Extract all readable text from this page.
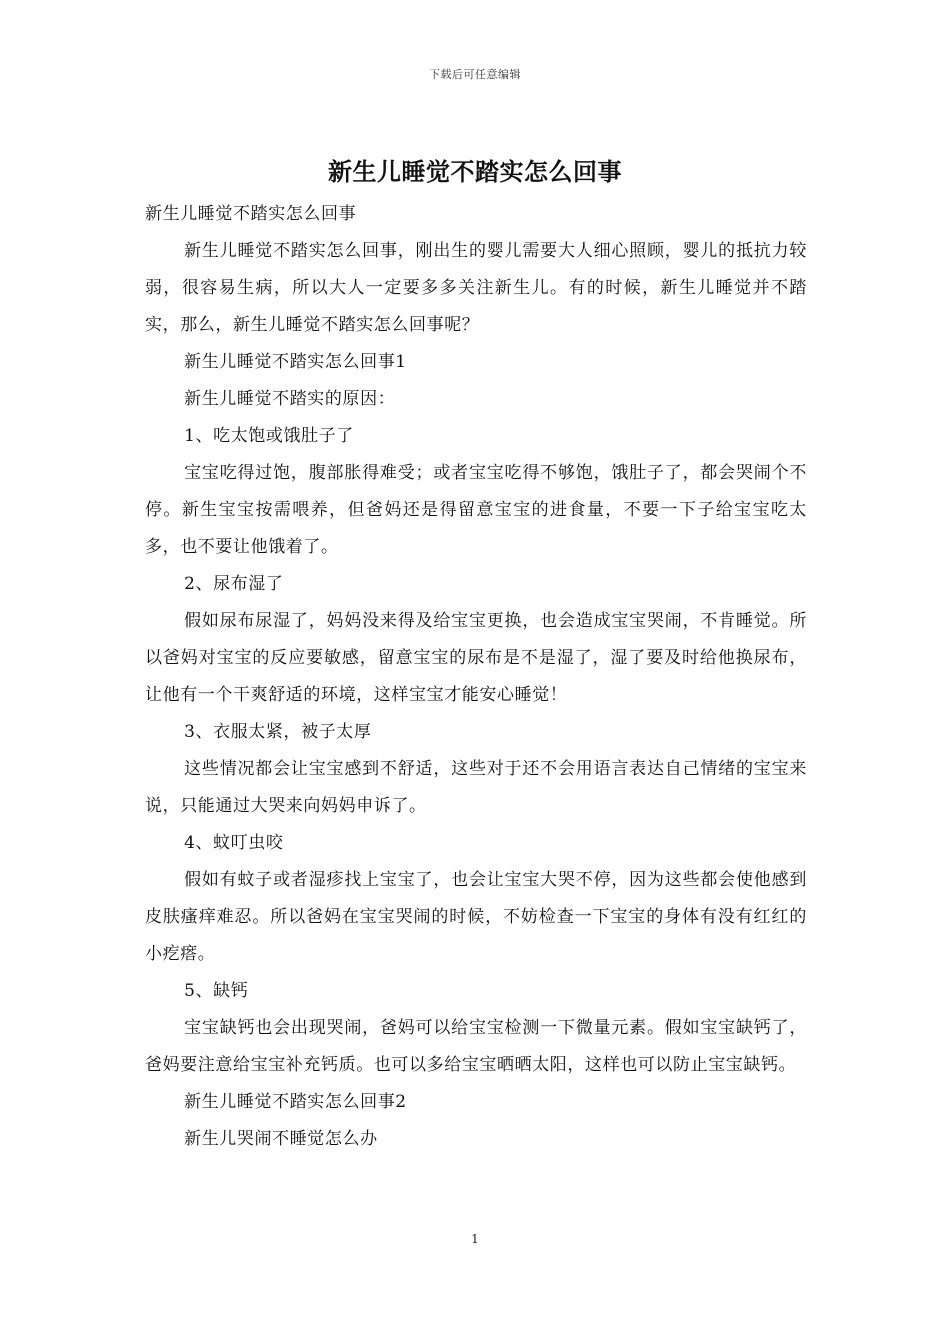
下载后可任意编辑
新生儿睡觉不踏实怎么回事

新生儿睡觉不踏实怎么回事

新生儿睡觉不踏实怎么回事，刚出生的婴儿需要大人细心照顾，婴儿的抵抗力较弱，很容易生病，所以大人一定要多多关注新生儿。有的时候，新生儿睡觉并不踏实，那么，新生儿睡觉不踏实怎么回事呢？

新生儿睡觉不踏实怎么回事1

新生儿睡觉不踏实的原因：

1、吃太饱或饿肚子了

宝宝吃得过饱，腹部胀得难受；或者宝宝吃得不够饱，饿肚子了，都会哭闹个不停。新生宝宝按需喂养，但爸妈还是得留意宝宝的进食量，不要一下子给宝宝吃太多，也不要让他饿着了。

2、尿布湿了

假如尿布尿湿了，妈妈没来得及给宝宝更换，也会造成宝宝哭闹，不肯睡觉。所以爸妈对宝宝的反应要敏感，留意宝宝的尿布是不是湿了，湿了要及时给他换尿布，让他有一个干爽舒适的环境，这样宝宝才能安心睡觉！

3、衣服太紧，被子太厚

这些情况都会让宝宝感到不舒适，这些对于还不会用语言表达自己情绪的宝宝来说，只能通过大哭来向妈妈申诉了。

4、蚊叮虫咬

假如有蚊子或者湿疹找上宝宝了，也会让宝宝大哭不停，因为这些都会使他感到皮肤瘙痒难忍。所以爸妈在宝宝哭闹的时候，不妨检查一下宝宝的身体有没有红红的小疙瘩。

5、缺钙

宝宝缺钙也会出现哭闹，爸妈可以给宝宝检测一下微量元素。假如宝宝缺钙了，爸妈要注意给宝宝补充钙质。也可以多给宝宝晒晒太阳，这样也可以防止宝宝缺钙。

新生儿睡觉不踏实怎么回事2

新生儿哭闹不睡觉怎么办

1
